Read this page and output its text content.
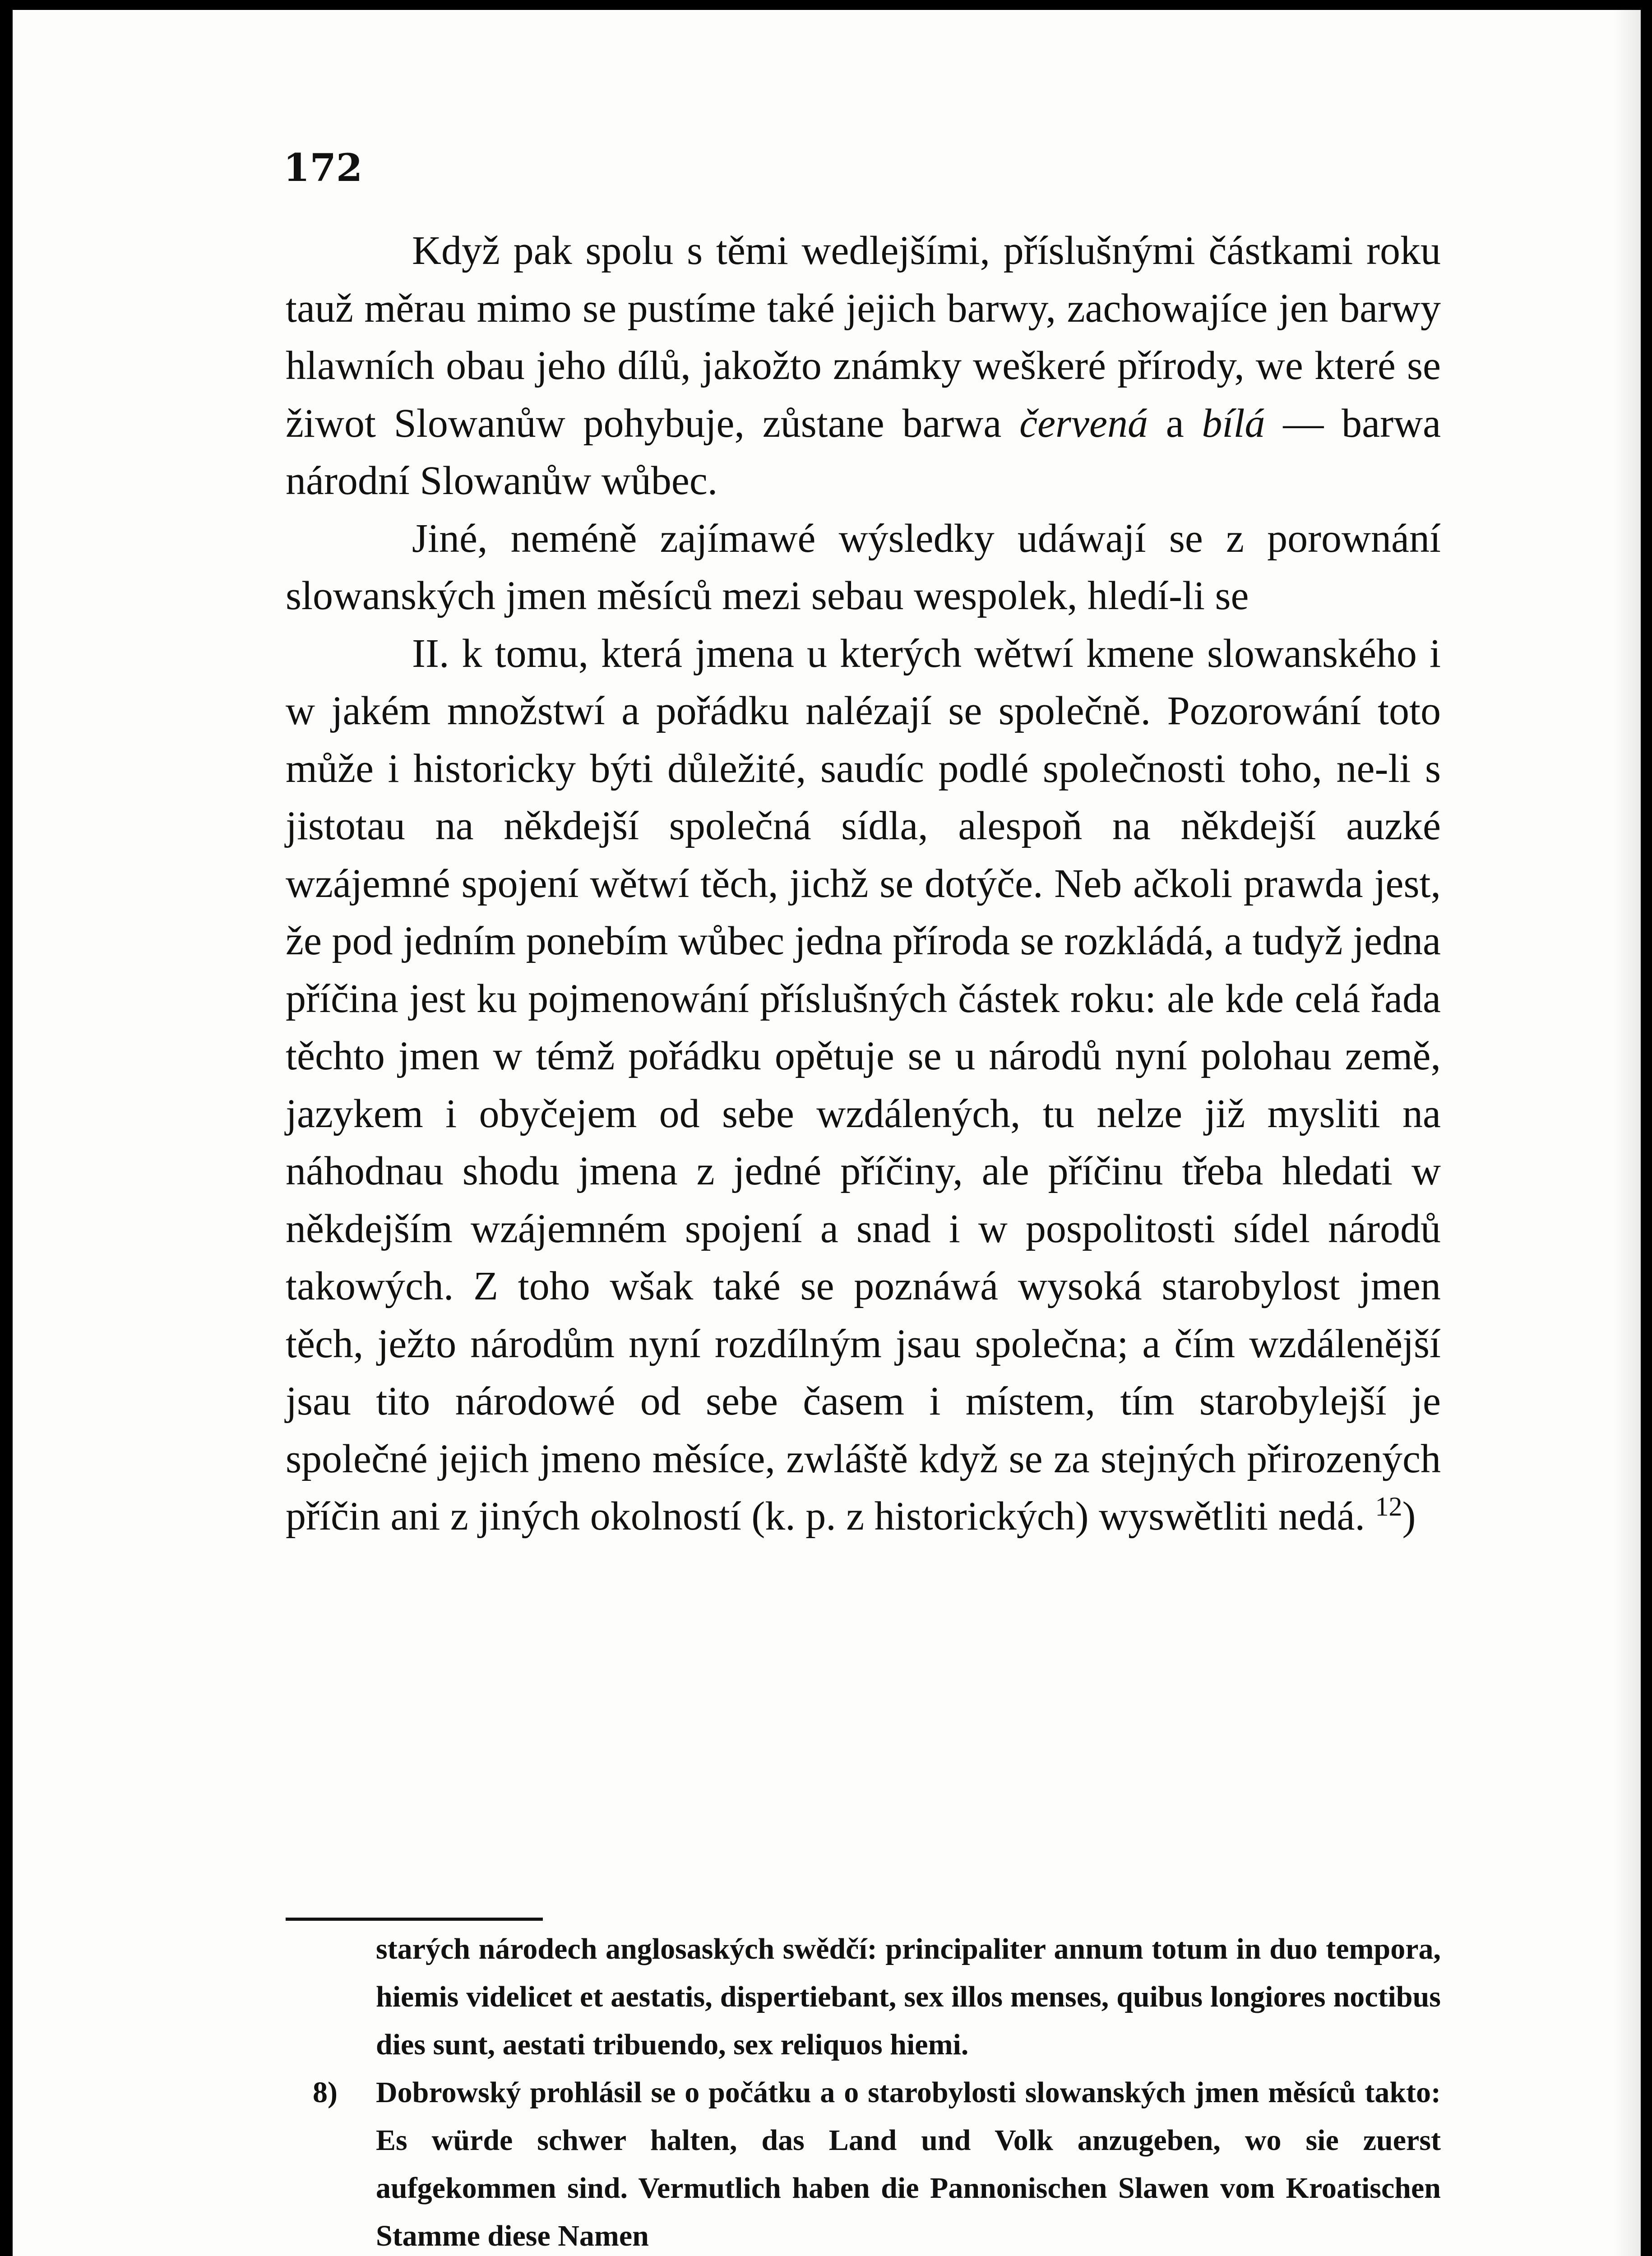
172

Když pak spolu s těmi wedlejšími, příslušnými částkami roku tauž měrau mimo se pustíme také jejich barwy, zachowajíce jen barwy hlawních obau jeho dílů, jakožto známky weškeré přírody, we které se žiwot Slowanůw pohybuje, zůstane barwa červená a bílá — barwa národní Slowanůw wůbec.

Jiné, neméně zajímawé wýsledky udáwají se z porownání slowanských jmen měsíců mezi sebau wespolek, hledí-li se

II. k tomu, která jmena u kterých wětwí kmene slowanského i w jakém množstwí a pořádku nalézají se společně. Pozorowání toto může i historicky býti důležité, saudíc podlé společnosti toho, ne-li s jistotau na někdejší společná sídla, alespoň na někdejší auzké wzájemné spojení wětwí těch, jichž se dotýče. Neb ačkoli prawda jest, že pod jedním ponebím wůbec jedna příroda se rozkládá, a tudyž jedna příčina jest ku pojmenowání příslušných částek roku: ale kde celá řada těchto jmen w témž pořádku opětuje se u národů nyní polohau země, jazykem i obyčejem od sebe wzdálených, tu nelze již mysliti na náhodnau shodu jmena z jedné příčiny, ale příčinu třeba hledati w někdejším wzájemném spojení a snad i w pospolitosti sídel národů takowých. Z toho wšak také se poznáwá wysoká starobylost jmen těch, ježto národům nyní rozdílným jsau společna; a čím wzdálenější jsau tito národowé od sebe časem i místem, tím starobylejší je společné jejich jmeno měsíce, zwláště když se za stejných přirozených příčin ani z jiných okolností (k. p. z historických) wyswětliti nedá. $^{12}$)

starých národech anglosaských swědčí: principaliter annum totum in duo tempora, hiemis videlicet et aestatis, dispertiebant, sex illos menses, quibus longiores noctibus dies sunt, aestati tribuendo, sex reliquos hiemi.

8) Dobrowský prohlásil se o počátku a o starobylosti slowanských jmen měsíců takto: Es würde schwer halten, das Land und Volk anzugeben, wo sie zuerst aufgekommen sind. Vermutlich haben die Pannonischen Slawen vom Kroatischen Stamme diese Namen
